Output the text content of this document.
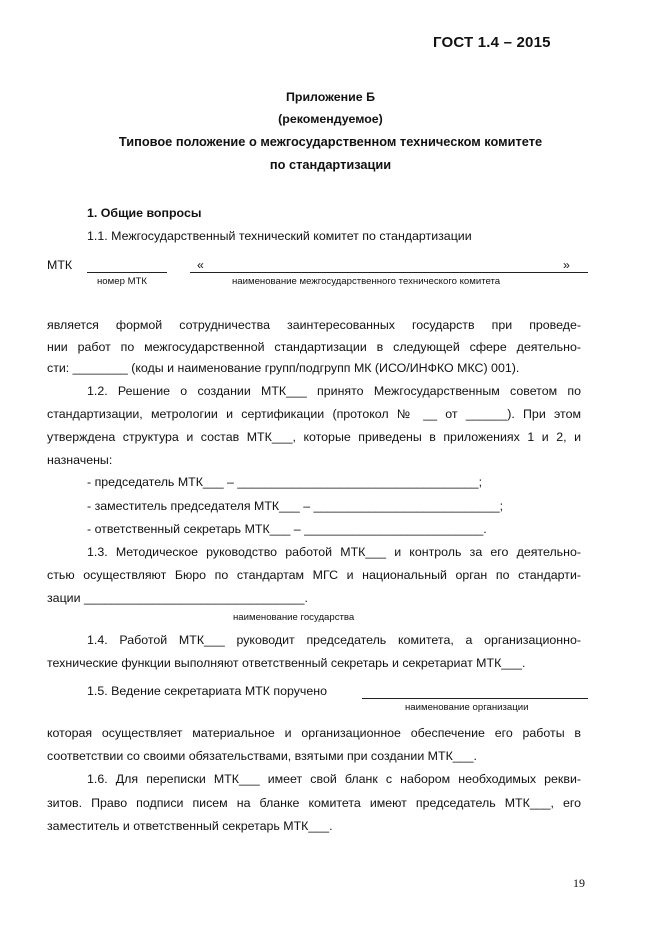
ГОСТ 1.4 – 2015
Приложение Б
(рекомендуемое)
Типовое положение о межгосударственном техническом комитете
по стандартизации
1. Общие вопросы
1.1. Межгосударственный технический комитет по стандартизации
МТК	«	»
номер МТК	наименование межгосударственного технического комитета
является формой сотрудничества заинтересованных государств при проведе-
нии работ по межгосударственной стандартизации в следующей сфере деятельно-
сти: ________ (коды и наименование групп/подгрупп МК (ИСО/ИНФКО МКС) 001).
1.2. Решение о создании МТК___ принято Межгосударственным советом по
стандартизации, метрологии и сертификации (протокол № __ от ______). При этом
утверждена структура и состав МТК___, которые приведены в приложениях 1 и 2, и
назначены:
- председатель МТК___ – ___________________________________;
- заместитель председателя МТК___ – ___________________________;
- ответственный секретарь МТК___ – __________________________.
1.3. Методическое руководство работой МТК___ и контроль за его деятельно-
стью осуществляют Бюро по стандартам МГС и национальный орган по стандарти-
зации ________________________________.
наименование государства
1.4. Работой МТК___ руководит председатель комитета, а организационно-
технические функции выполняют ответственный секретарь и секретариат МТК___.
1.5. Ведение секретариата МТК поручено
наименование организации
которая осуществляет материальное и организационное обеспечение его работы в
соответствии со своими обязательствами, взятыми при создании МТК___.
1.6. Для переписки МТК___ имеет свой бланк с набором необходимых рекви-
зитов. Право подписи писем на бланке комитета имеют председатель МТК___, его
заместитель и ответственный секретарь МТК___.
19
